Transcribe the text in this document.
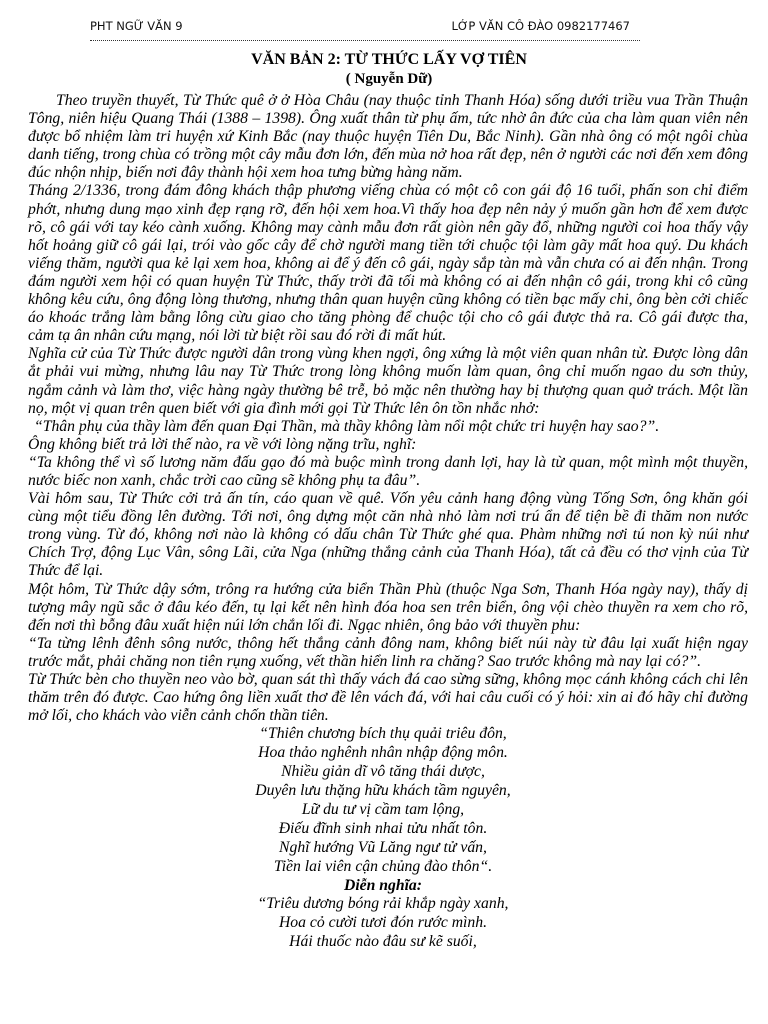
PHT NGỮ VĂN 9	LỚP VĂN CÔ ĐÀO 0982177467
VĂN BẢN 2: TỪ THỨC LẤY VỢ TIÊN
( Nguyễn Dữ)

Theo truyền thuyết, Từ Thức quê ở ở Hòa Châu (nay thuộc tỉnh Thanh Hóa) sống dưới triều vua Trần Thuận Tông, niên hiệu Quang Thái (1388 – 1398). Ông xuất thân từ phụ ấm, tức nhờ ân đức của cha làm quan viên nên được bổ nhiệm làm tri huyện xứ Kinh Bắc (nay thuộc huyện Tiên Du, Bắc Ninh). Gần nhà ông có một ngôi chùa danh tiếng, trong chùa có trồng một cây mẫu đơn lớn, đến mùa nở hoa rất đẹp, nên ở người các nơi đến xem đông đúc nhộn nhịp, biến nơi đây thành hội xem hoa tưng bừng hàng năm.

Tháng 2/1336, trong đám đông khách thập phương viếng chùa có một cô con gái độ 16 tuổi, phấn son chỉ điểm phớt, nhưng dung mạo xinh đẹp rạng rỡ, đến hội xem hoa.Vì thấy hoa đẹp nên nảy ý muốn gần hơn để xem được rõ, cô gái với tay kéo cành xuống. Không may cành mẫu đơn rất giòn nên gãy đổ, những người coi hoa thấy vậy hốt hoảng giữ cô gái lại, trói vào gốc cây để chờ người mang tiền tới chuộc tội làm gãy mất hoa quý. Du khách viếng thăm, người qua kẻ lại xem hoa, không ai để ý đến cô gái, ngày sắp tàn mà vẫn chưa có ai đến nhận. Trong đám người xem hội có quan huyện Từ Thức, thấy trời đã tối mà không có ai đến nhận cô gái, trong khi cô cũng không kêu cứu, ông động lòng thương, nhưng thân quan huyện cũng không có tiền bạc mấy chi, ông bèn cởi chiếc áo khoác trắng làm bằng lông cừu giao cho tăng phòng để chuộc tội cho cô gái được thả ra. Cô gái được tha, cảm tạ ân nhân cứu mạng, nói lời từ biệt rồi sau đó rời đi mất hút.

Nghĩa cử của Từ Thức được người dân trong vùng khen ngợi, ông xứng là một viên quan nhân từ. Được lòng dân ắt phải vui mừng, nhưng lâu nay Từ Thức trong lòng không muốn làm quan, ông chỉ muốn ngao du sơn thủy, ngắm cảnh và làm thơ, việc hàng ngày thường bê trễ, bỏ mặc nên thường hay bị thượng quan quở trách. Một lần nọ, một vị quan trên quen biết với gia đình mới gọi Từ Thức lên ôn tồn nhắc nhở:

“Thân phụ của thầy làm đến quan Đại Thần, mà thầy không làm nổi một chức tri huyện hay sao?”.

Ông không biết trả lời thế nào, ra về với lòng nặng trĩu, nghĩ:

“Ta không thể vì số lương năm đấu gạo đó mà buộc mình trong danh lợi, hay là từ quan, một mình một thuyền, nước biếc non xanh, chắc trời cao cũng sẽ không phụ ta đâu”.

Vài hôm sau, Từ Thức cởi trả ấn tín, cáo quan về quê. Vốn yêu cảnh hang động vùng Tống Sơn, ông khăn gói cùng một tiểu đồng lên đường. Tới nơi, ông dựng một căn nhà nhỏ làm nơi trú ẩn để tiện bề đi thăm non nước trong vùng. Từ đó, không nơi nào là không có dấu chân Từ Thức ghé qua. Phàm những nơi tú non kỳ núi như Chích Trợ, động Lục Vân, sông Lãi, cửa Nga (những thắng cảnh của Thanh Hóa), tất cả đều có thơ vịnh của Từ Thức để lại.

Một hôm, Từ Thức dậy sớm, trông ra hướng cửa biển Thần Phù (thuộc Nga Sơn, Thanh Hóa ngày nay), thấy dị tượng mây ngũ sắc ở đâu kéo đến, tụ lại kết nên hình đóa hoa sen trên biển, ông vội chèo thuyền ra xem cho rõ, đến nơi thì bỗng đâu xuất hiện núi lớn chắn lối đi. Ngạc nhiên, ông bảo với thuyền phu:

“Ta từng lênh đênh sông nước, thông hết thắng cảnh đông nam, không biết núi này từ đâu lại xuất hiện ngay trước mắt, phải chăng non tiên rụng xuống, vết thần hiển linh ra chăng? Sao trước không mà nay lại có?”.

Từ Thức bèn cho thuyền neo vào bờ, quan sát thì thấy vách đá cao sừng sững, không mọc cánh không cách chi lên thăm trên đó được. Cao hứng ông liền xuất thơ đề lên vách đá, với hai câu cuối có ý hỏi: xin ai đó hãy chỉ đường mở lối, cho khách vào viễn cảnh chốn thần tiên.

“Thiên chương bích thụ quải triêu đôn,
Hoa thảo nghênh nhân nhập động môn.
Nhiều giản dĩ vô tăng thái dược,
Duyên lưu thặng hữu khách tầm nguyên,
Lữ du tư vị cầm tam lộng,
Điếu đĩnh sinh nhai tửu nhất tôn.
Nghĩ hướng Vũ Lăng ngư tử vấn,
Tiền lai viên cận chủng đào thôn“.
Diễn nghĩa:
“Triêu dương bóng rải khắp ngày xanh,
Hoa cỏ cười tươi đón rước mình.
Hái thuốc nào đâu sư kẽ suối,
